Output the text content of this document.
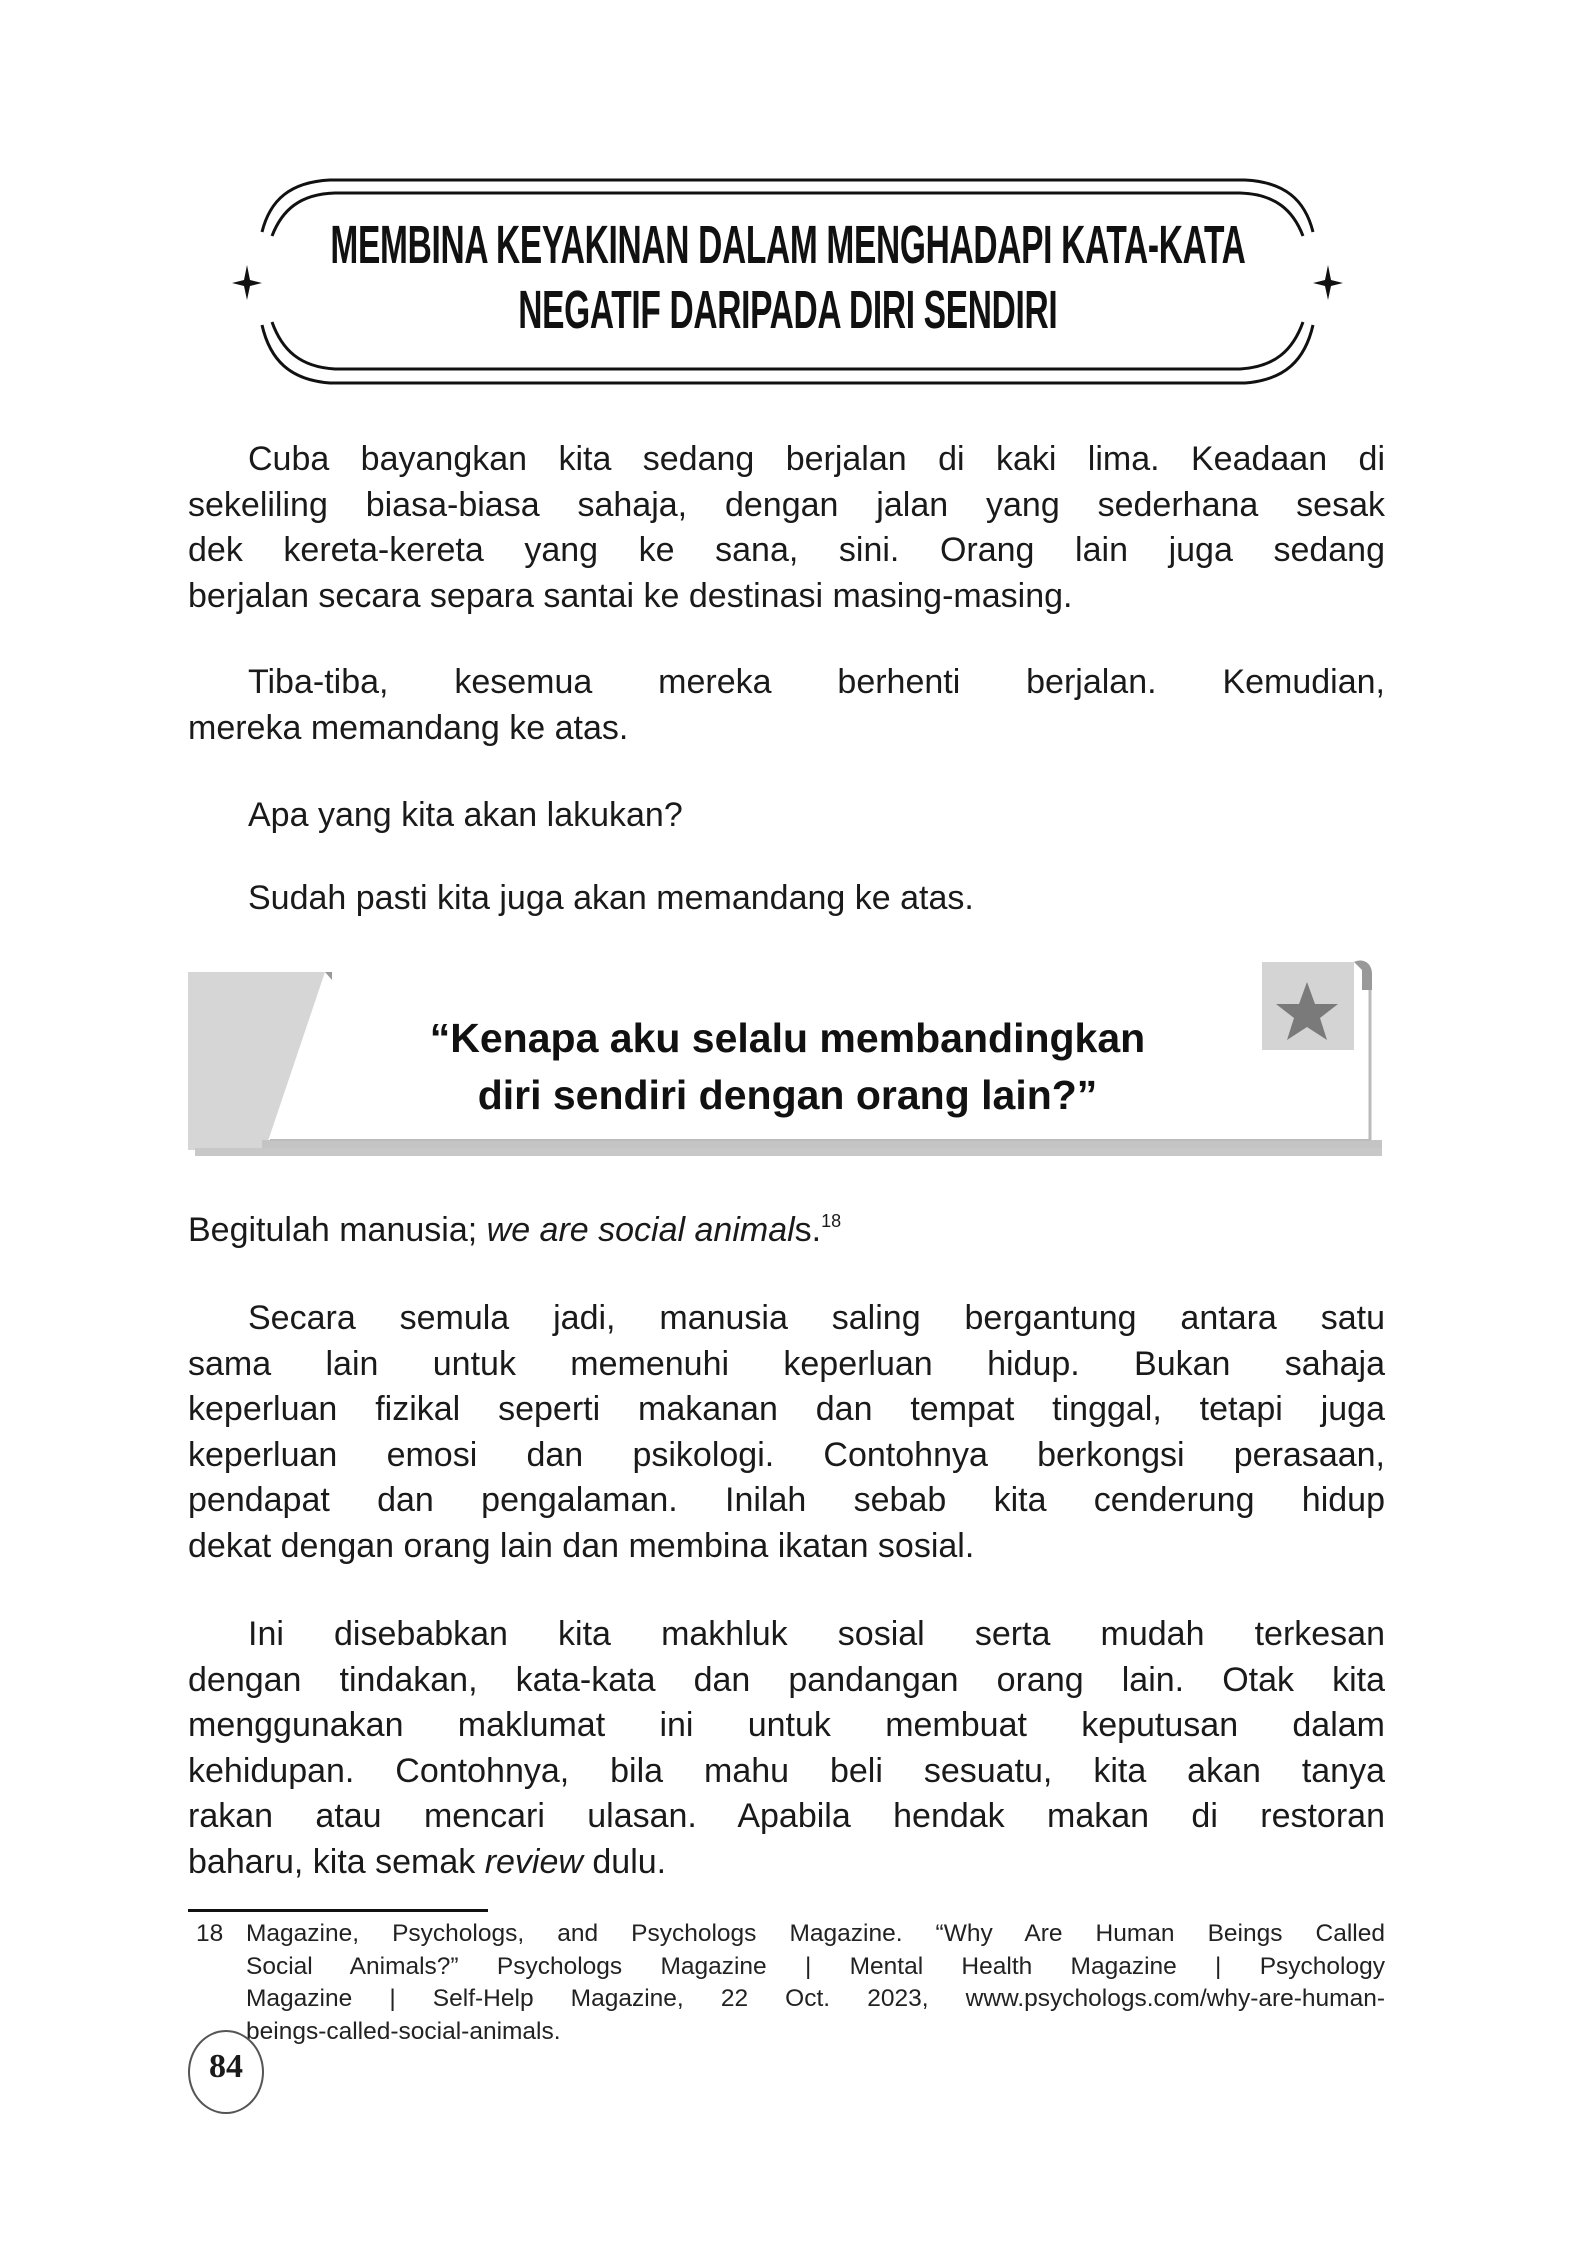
MEMBINA KEYAKINAN DALAM MENGHADAPI KATA-KATA
NEGATIF DARIPADA DIRI SENDIRI
Cuba bayangkan kita sedang berjalan di kaki lima. Keadaan di
sekeliling biasa-biasa sahaja, dengan jalan yang sederhana sesak
dek kereta-kereta yang ke sana, sini. Orang lain juga sedang
berjalan secara separa santai ke destinasi masing-masing.
Tiba-tiba, kesemua mereka berhenti berjalan. Kemudian,
mereka memandang ke atas.
Apa yang kita akan lakukan?
Sudah pasti kita juga akan memandang ke atas.
“Kenapa aku selalu membandingkan
diri sendiri dengan orang lain?”
Begitulah manusia; we are social animals.$^{18}$
Secara semula jadi, manusia saling bergantung antara satu
sama lain untuk memenuhi keperluan hidup. Bukan sahaja
keperluan fizikal seperti makanan dan tempat tinggal, tetapi juga
keperluan emosi dan psikologi. Contohnya berkongsi perasaan,
pendapat dan pengalaman. Inilah sebab kita cenderung hidup
dekat dengan orang lain dan membina ikatan sosial.
Ini disebabkan kita makhluk sosial serta mudah terkesan
dengan tindakan, kata-kata dan pandangan orang lain. Otak kita
menggunakan maklumat ini untuk membuat keputusan dalam
kehidupan. Contohnya, bila mahu beli sesuatu, kita akan tanya
rakan atau mencari ulasan. Apabila hendak makan di restoran
baharu, kita semak review dulu.
18 Magazine, Psychologs, and Psychologs Magazine. “Why Are Human Beings Called
Social Animals?” Psychologs Magazine | Mental Health Magazine | Psychology
Magazine | Self-Help Magazine, 22 Oct. 2023, www.psychologs.com/why-are-human-
beings-called-social-animals.
84
